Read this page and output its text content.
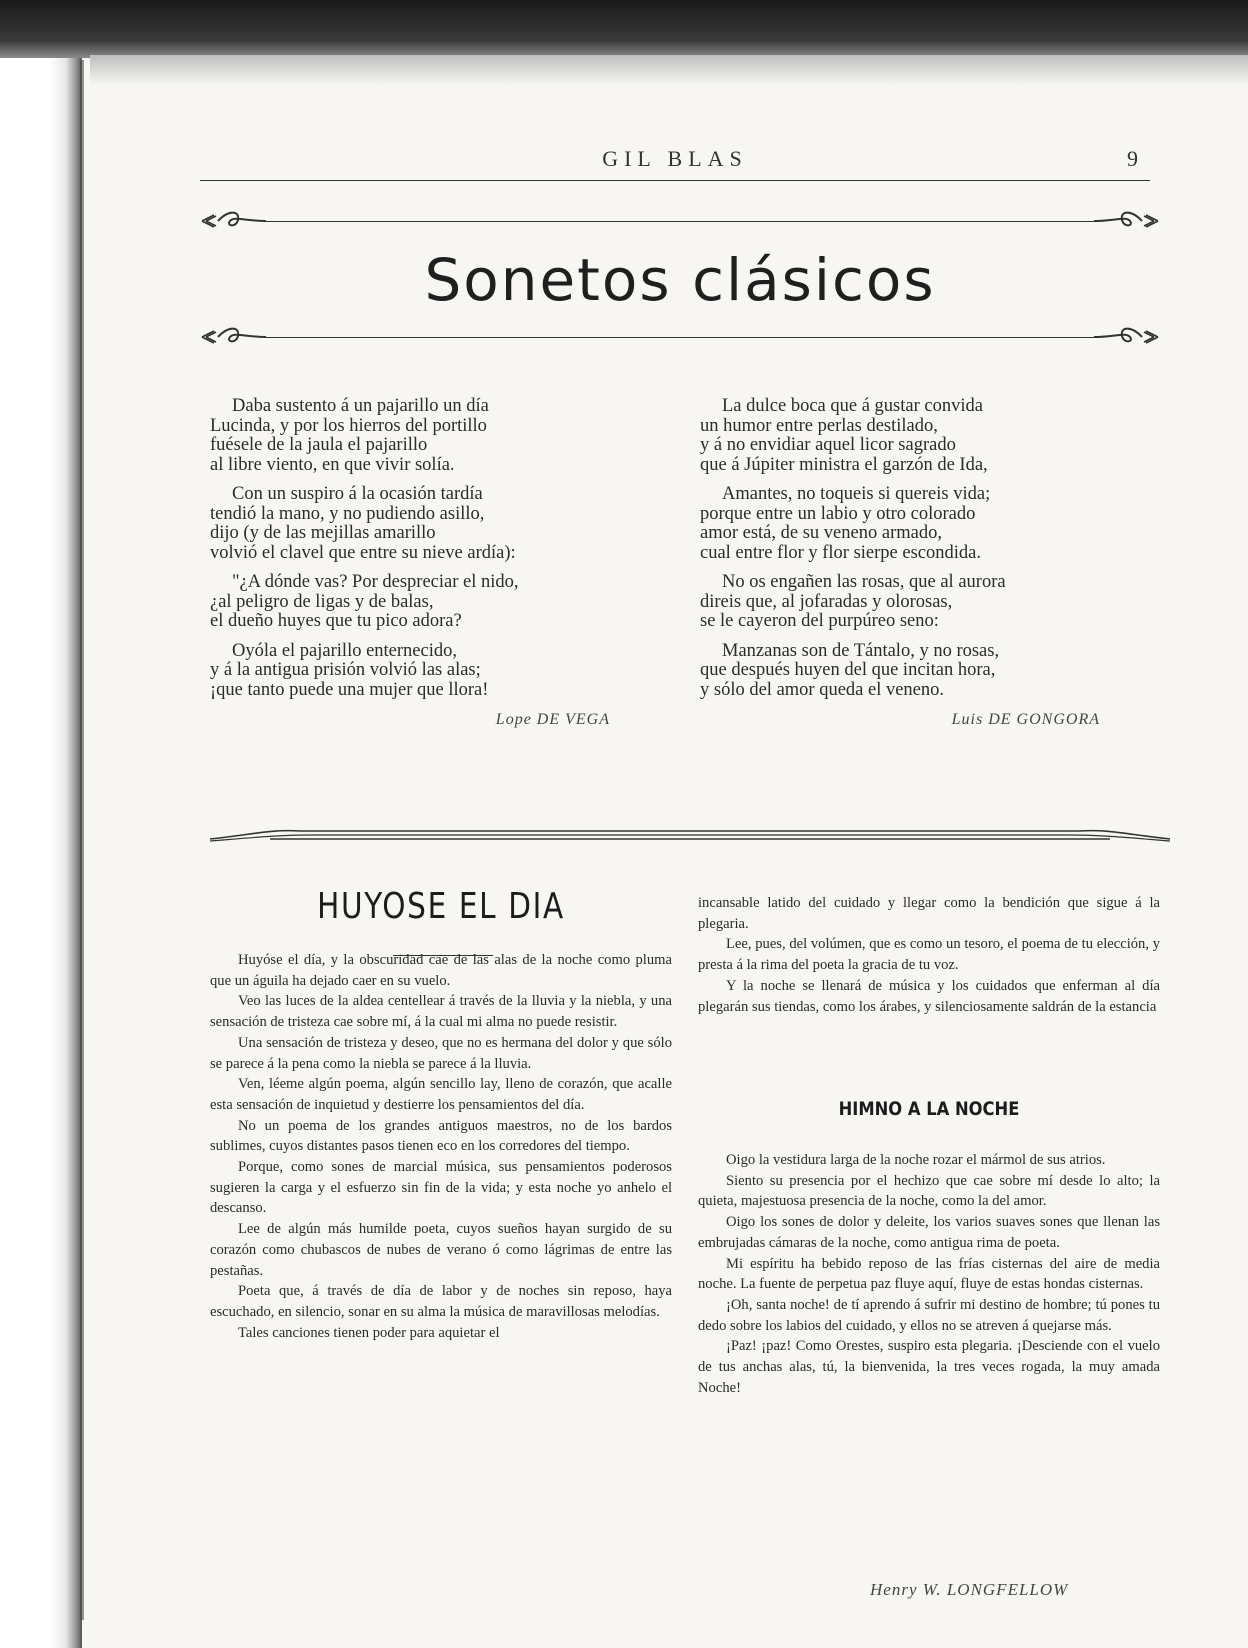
GIL BLAS	9
Sonetos clásicos
Daba sustento á un pajarillo un día
Lucinda, y por los hierros del portillo
fuésele de la jaula el pajarillo
al libre viento, en que vivir solía.
Con un suspiro á la ocasión tardía
tendió la mano, y no pudiendo asillo,
dijo (y de las mejillas amarillo
volvió el clavel que entre su nieve ardía):
"¿A dónde vas? Por despreciar el nido,
¿al peligro de ligas y de balas,
el dueño huyes que tu pico adora?
Oyóla el pajarillo enternecido,
y á la antigua prisión volvió las alas;
¡que tanto puede una mujer que llora!
Lope DE VEGA
La dulce boca que á gustar convida
un humor entre perlas destilado,
y á no envidiar aquel licor sagrado
que á Júpiter ministra el garzón de Ida,
Amantes, no toqueis si quereis vida;
porque entre un labio y otro colorado
amor está, de su veneno armado,
cual entre flor y flor sierpe escondida.
No os engañen las rosas, que al aurora
direis que, al jofaradas y olorosas,
se le cayeron del purpúreo seno:
Manzanas son de Tántalo, y no rosas,
que después huyen del que incitan hora,
y sólo del amor queda el veneno.
Luis DE GONGORA
HUYOSE EL DIA

Huyóse el día, y la obscuridad cae de las alas de la noche como pluma que un águila ha dejado caer en su vuelo.

Veo las luces de la aldea centellear á través de la lluvia y la niebla, y una sensación de tristeza cae sobre mí, á la cual mi alma no puede resistir.

Una sensación de tristeza y deseo, que no es hermana del dolor y que sólo se parece á la pena como la niebla se parece á la lluvia.

Ven, léeme algún poema, algún sencillo lay, lleno de corazón, que acalle esta sensación de inquietud y destierre los pensamientos del día.

No un poema de los grandes antiguos maestros, no de los bardos sublimes, cuyos distantes pasos tienen eco en los corredores del tiempo.

Porque, como sones de marcial música, sus pensamientos poderosos sugieren la carga y el esfuerzo sin fin de la vida; y esta noche yo anhelo el descanso.

Lee de algún más humilde poeta, cuyos sueños hayan surgido de su corazón como chubascos de nubes de verano ó como lágrimas de entre las pestañas.

Poeta que, á través de día de labor y de noches sin reposo, haya escuchado, en silencio, sonar en su alma la música de maravillosas melodías.

Tales canciones tienen poder para aquietar el

incansable latido del cuidado y llegar como la bendición que sigue á la plegaria.

Lee, pues, del volúmen, que es como un tesoro, el poema de tu elección, y presta á la rima del poeta la gracia de tu voz.

Y la noche se llenará de música y los cuidados que enferman al día plegarán sus tiendas, como los árabes, y silenciosamente saldrán de la estancia

HIMNO A LA NOCHE

Oigo la vestidura larga de la noche rozar el mármol de sus atrios.

Siento su presencia por el hechizo que cae sobre mí desde lo alto; la quieta, majestuosa presencia de la noche, como la del amor.

Oigo los sones de dolor y deleite, los varios suaves sones que llenan las embrujadas cámaras de la noche, como antigua rima de poeta.

Mi espíritu ha bebido reposo de las frías cisternas del aire de media noche. La fuente de perpetua paz fluye aquí, fluye de estas hondas cisternas.

¡Oh, santa noche! de tí aprendo á sufrir mi destino de hombre; tú pones tu dedo sobre los labios del cuidado, y ellos no se atreven á quejarse más.

¡Paz! ¡paz! Como Orestes, suspiro esta plegaria. ¡Desciende con el vuelo de tus anchas alas, tú, la bienvenida, la tres veces rogada, la muy amada Noche!

Henry W. LONGFELLOW
